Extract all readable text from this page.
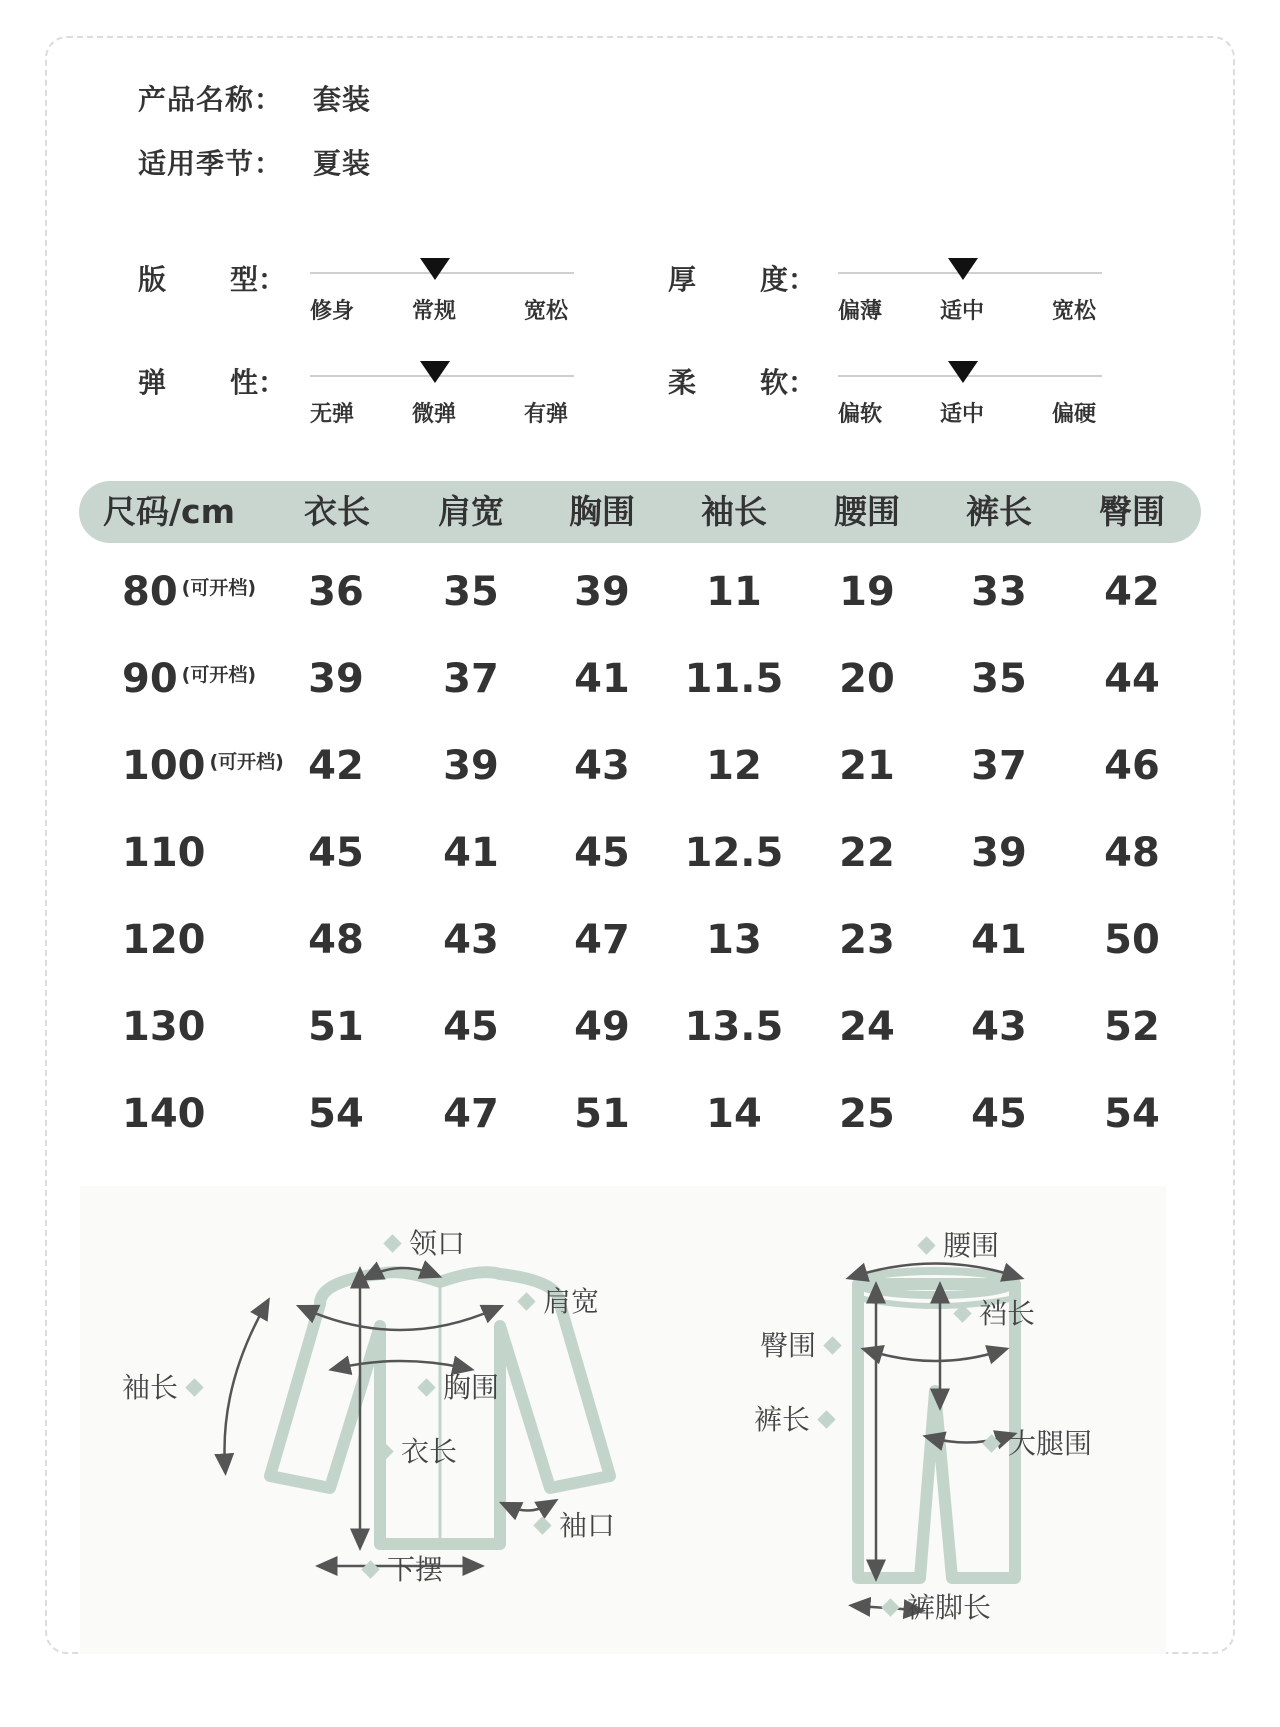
产品名称： 套装
适用季节： 夏装
版 型：
修身	常规	宽松
厚 度：
偏薄	适中	宽松
弹 性：
无弹	微弹	有弹
柔 软：
偏软	适中	偏硬
尺码/cm	衣长	肩宽	胸围	袖长	腰围	裤长	臀围
80 (可开档)	36	35	39	11	19	33	42
90 (可开档)	39	37	41	11.5	20	35	44
100 (可开档) 42	39	43	12	21	37	46
110	45	41	45	12.5	22	39	48
120	48	43	47	13	23	41	50
130	51	45	49	13.5	24	43	52
140	54	47	51	14	25	45	54
领口
肩宽
袖长	胸围
衣长
袖口
下摆
腰围
裆长
臀围
裤长
大腿围
裤脚长
